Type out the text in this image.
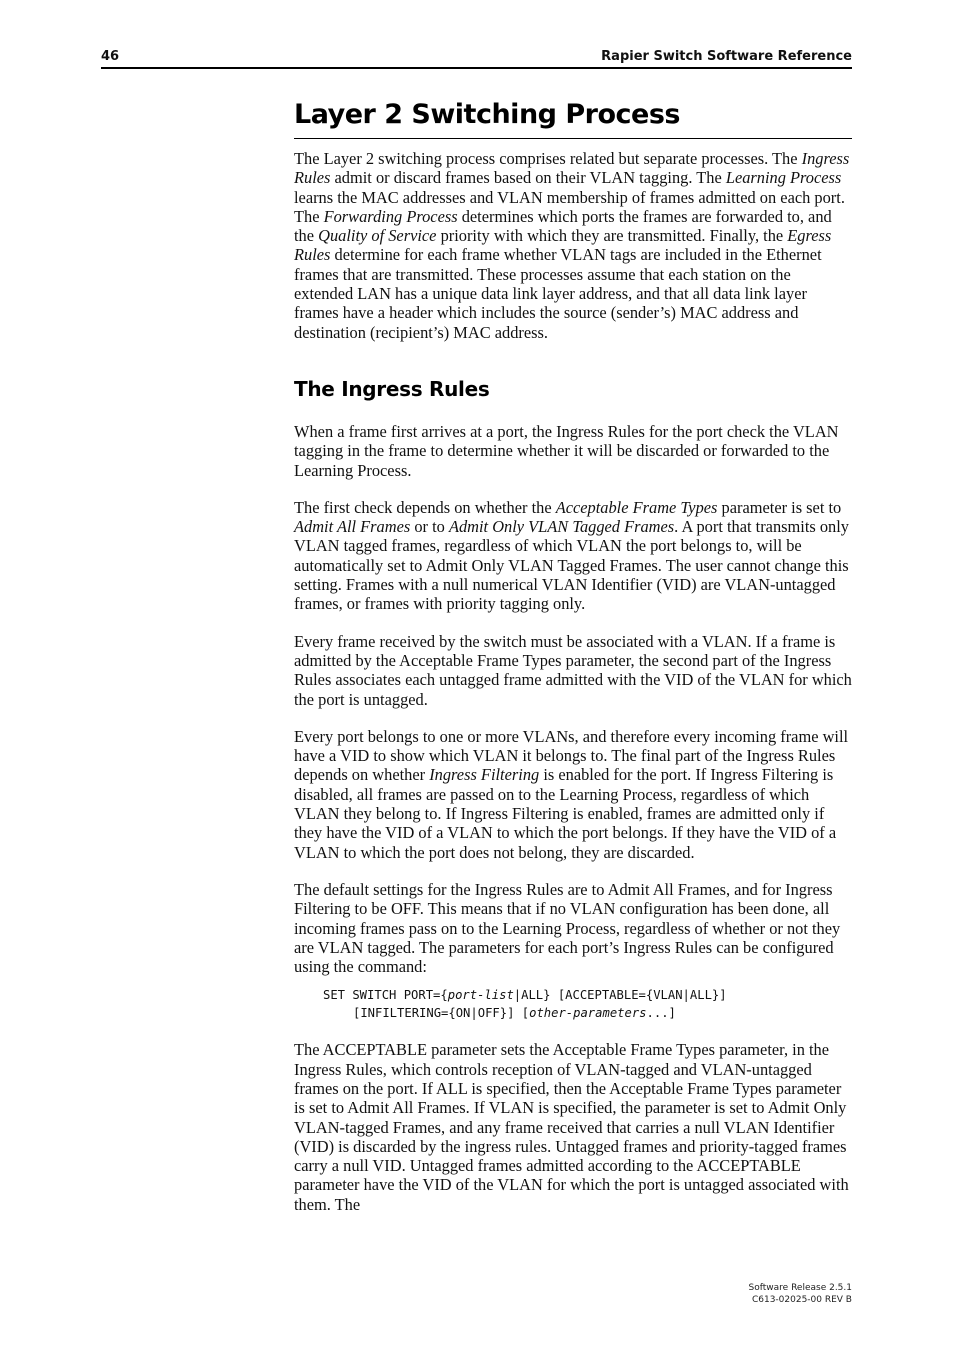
46	Rapier Switch Software Reference
Layer 2 Switching Process

The Layer 2 switching process comprises related but separate processes. The Ingress Rules admit or discard frames based on their VLAN tagging. The Learning Process learns the MAC addresses and VLAN membership of frames admitted on each port. The Forwarding Process determines which ports the frames are forwarded to, and the Quality of Service priority with which they are transmitted. Finally, the Egress Rules determine for each frame whether VLAN tags are included in the Ethernet frames that are transmitted. These processes assume that each station on the extended LAN has a unique data link layer address, and that all data link layer frames have a header which includes the source (sender’s) MAC address and destination (recipient’s) MAC address.

The Ingress Rules

When a frame first arrives at a port, the Ingress Rules for the port check the VLAN tagging in the frame to determine whether it will be discarded or forwarded to the Learning Process.

The first check depends on whether the Acceptable Frame Types parameter is set to Admit All Frames or to Admit Only VLAN Tagged Frames. A port that transmits only VLAN tagged frames, regardless of which VLAN the port belongs to, will be automatically set to Admit Only VLAN Tagged Frames. The user cannot change this setting. Frames with a null numerical VLAN Identifier (VID) are VLAN-untagged frames, or frames with priority tagging only.

Every frame received by the switch must be associated with a VLAN. If a frame is admitted by the Acceptable Frame Types parameter, the second part of the Ingress Rules associates each untagged frame admitted with the VID of the VLAN for which the port is untagged.

Every port belongs to one or more VLANs, and therefore every incoming frame will have a VID to show which VLAN it belongs to. The final part of the Ingress Rules depends on whether Ingress Filtering is enabled for the port. If Ingress Filtering is disabled, all frames are passed on to the Learning Process, regardless of which VLAN they belong to. If Ingress Filtering is enabled, frames are admitted only if they have the VID of a VLAN to which the port belongs. If they have the VID of a VLAN to which the port does not belong, they are discarded.

The default settings for the Ingress Rules are to Admit All Frames, and for Ingress Filtering to be OFF. This means that if no VLAN configuration has been done, all incoming frames pass on to the Learning Process, regardless of whether or not they are VLAN tagged. The parameters for each port’s Ingress Rules can be configured using the command:

SET SWITCH PORT={port-list|ALL} [ACCEPTABLE={VLAN|ALL}]
[INFILTERING={ON|OFF}] [other-parameters...]

The ACCEPTABLE parameter sets the Acceptable Frame Types parameter, in the Ingress Rules, which controls reception of VLAN-tagged and VLAN-untagged frames on the port. If ALL is specified, then the Acceptable Frame Types parameter is set to Admit All Frames. If VLAN is specified, the parameter is set to Admit Only VLAN-tagged Frames, and any frame received that carries a null VLAN Identifier (VID) is discarded by the ingress rules. Untagged frames and priority-tagged frames carry a null VID. Untagged frames admitted according to the ACCEPTABLE parameter have the VID of the VLAN for which the port is untagged associated with them. The

Software Release 2.5.1
C613-02025-00 REV B
